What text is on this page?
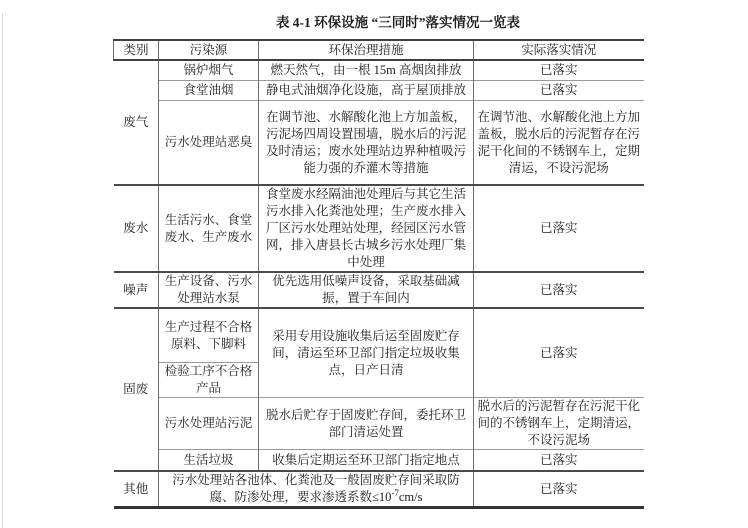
表 4-1 环保设施 “三同时”落实情况一览表
类别	污染源	环保治理措施	实际落实情况
废气	锅炉烟气	燃天然气，由一根 15m 高烟囱排放	已落实
	食堂油烟	静电式油烟净化设施，高于屋顶排放	已落实
	污水处理站恶臭	在调节池、水解酸化池上方加盖板，污泥场四周设置围墙，脱水后的污泥及时清运；废水处理站边界种植吸污能力强的乔灌木等措施	在调节池、水解酸化池上方加盖板，脱水后的污泥暂存在污泥干化间的不锈钢车上，定期清运，不设污泥场
废水	生活污水、食堂废水、生产废水	食堂废水经隔油池处理后与其它生活污水排入化粪池处理；生产废水排入厂区污水处理站处理，经园区污水管网，排入唐县长古城乡污水处理厂集中处理	已落实
噪声	生产设备、污水处理站水泵	优先选用低噪声设备，采取基础减振，置于车间内	已落实
固废	生产过程不合格原料、下脚料	采用专用设施收集后运至固废贮存间，清运至环卫部门指定垃圾收集点，日产日清	已落实
	检验工序不合格产品		
	污水处理站污泥	脱水后贮存于固废贮存间，委托环卫部门清运处置	脱水后的污泥暂存在污泥干化间的不锈钢车上，定期清运，不设污泥场
	生活垃圾	收集后定期运至环卫部门指定地点	已落实
其他	污水处理站各池体、化粪池及一般固废贮存间采取防腐、防渗处理，要求渗透系数$\le 10^{-7}cm/s$		已落实
